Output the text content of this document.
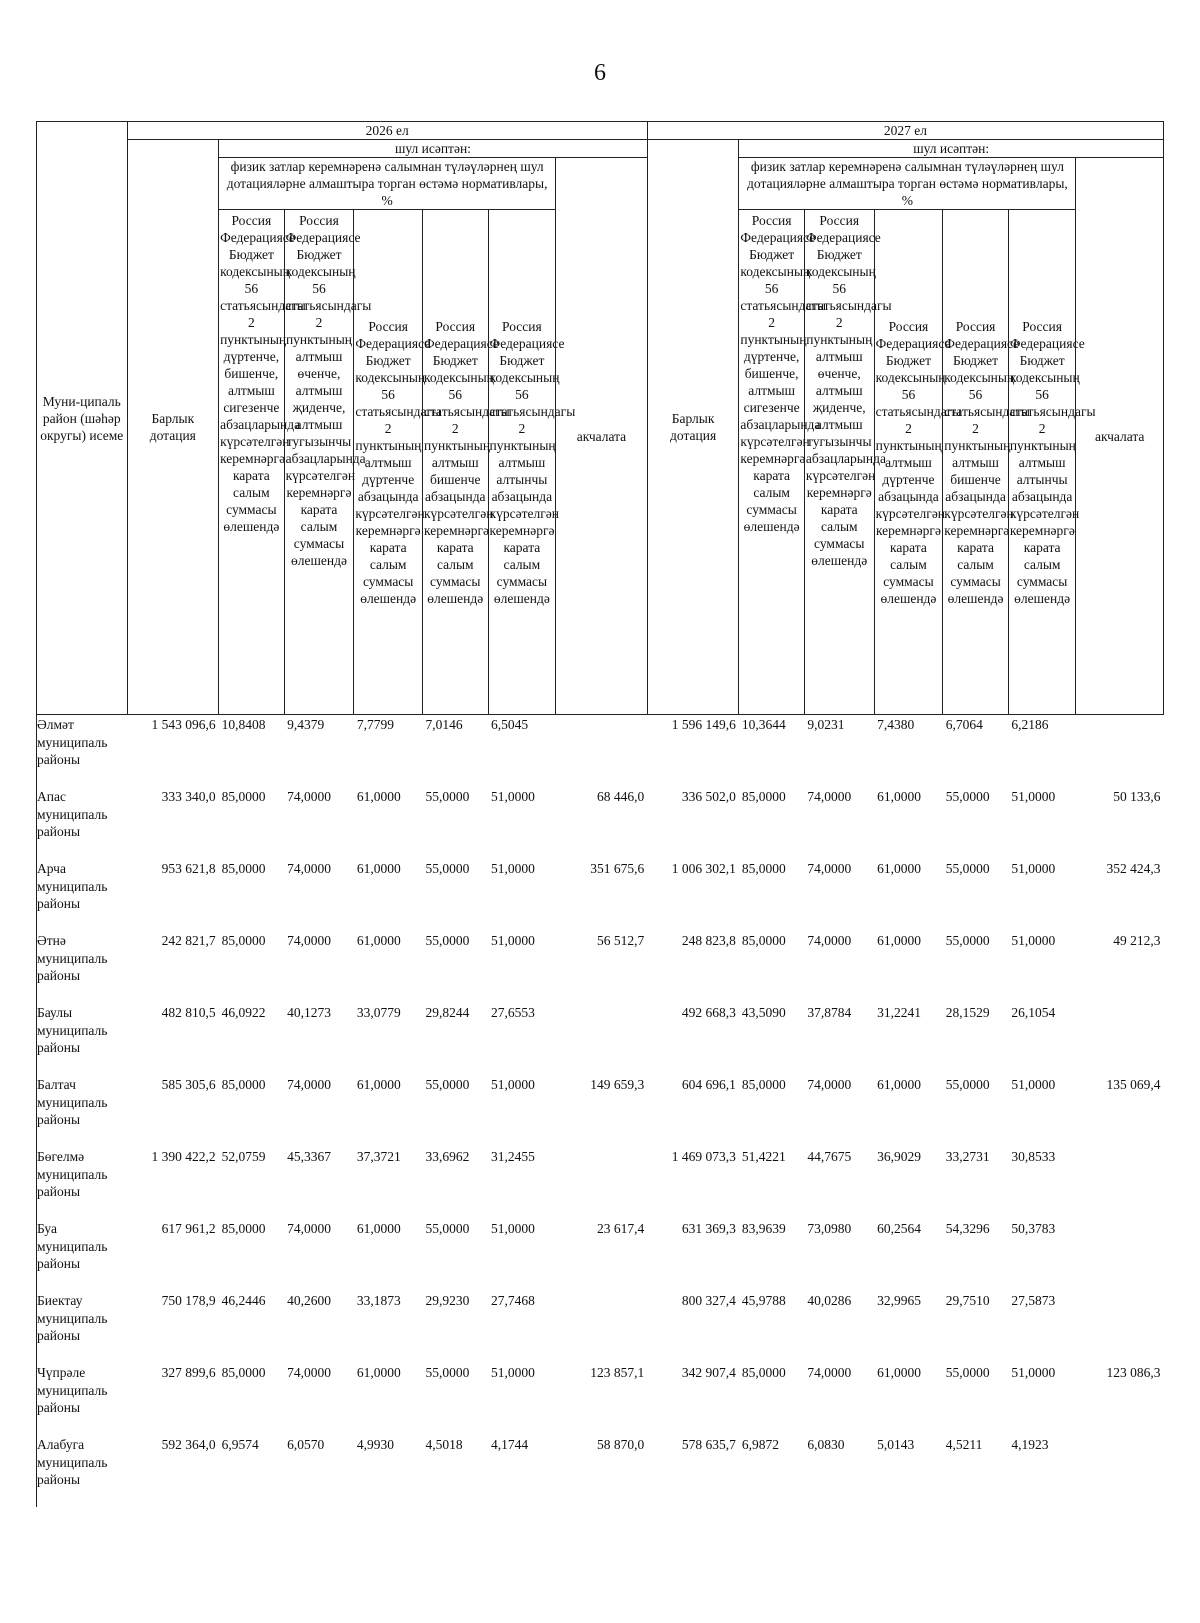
6
Муни-ципаль район (шәһәр округы) исеме	2026 ел							2027 ел						
	Барлык дотация	шул исәптән:						Барлык дотация	шул исәптән:					
		физик затлар керемнәренә салымнан түләүләрнең шул дотацияләрне алмаштыра торган өстәмә нормативлары, %					акчалата		физик затлар керемнәренә салымнан түләүләрнең шул дотацияләрне алмаштыра торган өстәмә нормативлары, %					акчалата
		Россия Федерациясе Бюджет кодексының 56 статьясындагы 2 пунктының дүртенче, бишенче, алтмыш сигезенче абзацларында күрсәтелгән керемнәргә карата салым суммасы өлешендә	Россия Федерациясе Бюджет кодексының 56 статьясындагы 2 пунктының алтмыш өченче, алтмыш җиденче, алтмыш тугызынчы абзацларында күрсәтелгән керемнәргә карата салым суммасы өлешендә	Россия Федерациясе Бюджет кодексының 56 статьясындагы 2 пунктының алтмыш дүртенче абзацында күрсәтелгән керемнәргә карата салым суммасы өлешендә	Россия Федерациясе Бюджет кодексының 56 статьясындагы 2 пунктының алтмыш бишенче абзацында күрсәтелгән керемнәргә карата салым суммасы өлешендә	Россия Федерациясе Бюджет кодексының 56 статьясындагы 2 пунктының алтмыш алтынчы абзацында күрсәтелгән керемнәргә карата салым суммасы өлешендә			Россия Федерациясе Бюджет кодексының 56 статьясындагы 2 пунктының дүртенче, бишенче, алтмыш сигезенче абзацларында күрсәтелгән керемнәргә карата салым суммасы өлешендә	Россия Федерациясе Бюджет кодексының 56 статьясындагы 2 пунктының алтмыш өченче, алтмыш җиденче, алтмыш тугызынчы абзацларында күрсәтелгән керемнәргә карата салым суммасы өлешендә	Россия Федерациясе Бюджет кодексының 56 статьясындагы 2 пунктының алтмыш дүртенче абзацында күрсәтелгән керемнәргә карата салым суммасы өлешендә	Россия Федерациясе Бюджет кодексының 56 статьясындагы 2 пунктының алтмыш бишенче абзацында күрсәтелгән керемнәргә карата салым суммасы өлешендә	Россия Федерациясе Бюджет кодексының 56 статьясындагы 2 пунктының алтмыш алтынчы абзацында күрсәтелгән керемнәргә карата салым суммасы өлешендә	
Әлмәт муниципаль районы	1 543 096,6	10,8408	9,4379	7,7799	7,0146	6,5045		1 596 149,6	10,3644	9,0231	7,4380	6,7064	6,2186	
Апас муниципаль районы	333 340,0	85,0000	74,0000	61,0000	55,0000	51,0000	68 446,0	336 502,0	85,0000	74,0000	61,0000	55,0000	51,0000	50 133,6
Арча муниципаль районы	953 621,8	85,0000	74,0000	61,0000	55,0000	51,0000	351 675,6	1 006 302,1	85,0000	74,0000	61,0000	55,0000	51,0000	352 424,3
Әтнә муниципаль районы	242 821,7	85,0000	74,0000	61,0000	55,0000	51,0000	56 512,7	248 823,8	85,0000	74,0000	61,0000	55,0000	51,0000	49 212,3
Баулы муниципаль районы	482 810,5	46,0922	40,1273	33,0779	29,8244	27,6553		492 668,3	43,5090	37,8784	31,2241	28,1529	26,1054	
Балтач муниципаль районы	585 305,6	85,0000	74,0000	61,0000	55,0000	51,0000	149 659,3	604 696,1	85,0000	74,0000	61,0000	55,0000	51,0000	135 069,4
Бөгелмә муниципаль районы	1 390 422,2	52,0759	45,3367	37,3721	33,6962	31,2455		1 469 073,3	51,4221	44,7675	36,9029	33,2731	30,8533	
Буа муниципаль районы	617 961,2	85,0000	74,0000	61,0000	55,0000	51,0000	23 617,4	631 369,3	83,9639	73,0980	60,2564	54,3296	50,3783	
Биектау муниципаль районы	750 178,9	46,2446	40,2600	33,1873	29,9230	27,7468		800 327,4	45,9788	40,0286	32,9965	29,7510	27,5873	
Чүпрәле муниципаль районы	327 899,6	85,0000	74,0000	61,0000	55,0000	51,0000	123 857,1	342 907,4	85,0000	74,0000	61,0000	55,0000	51,0000	123 086,3
Алабуга муниципаль районы	592 364,0	6,9574	6,0570	4,9930	4,5018	4,1744	58 870,0	578 635,7	6,9872	6,0830	5,0143	4,5211	4,1923	
